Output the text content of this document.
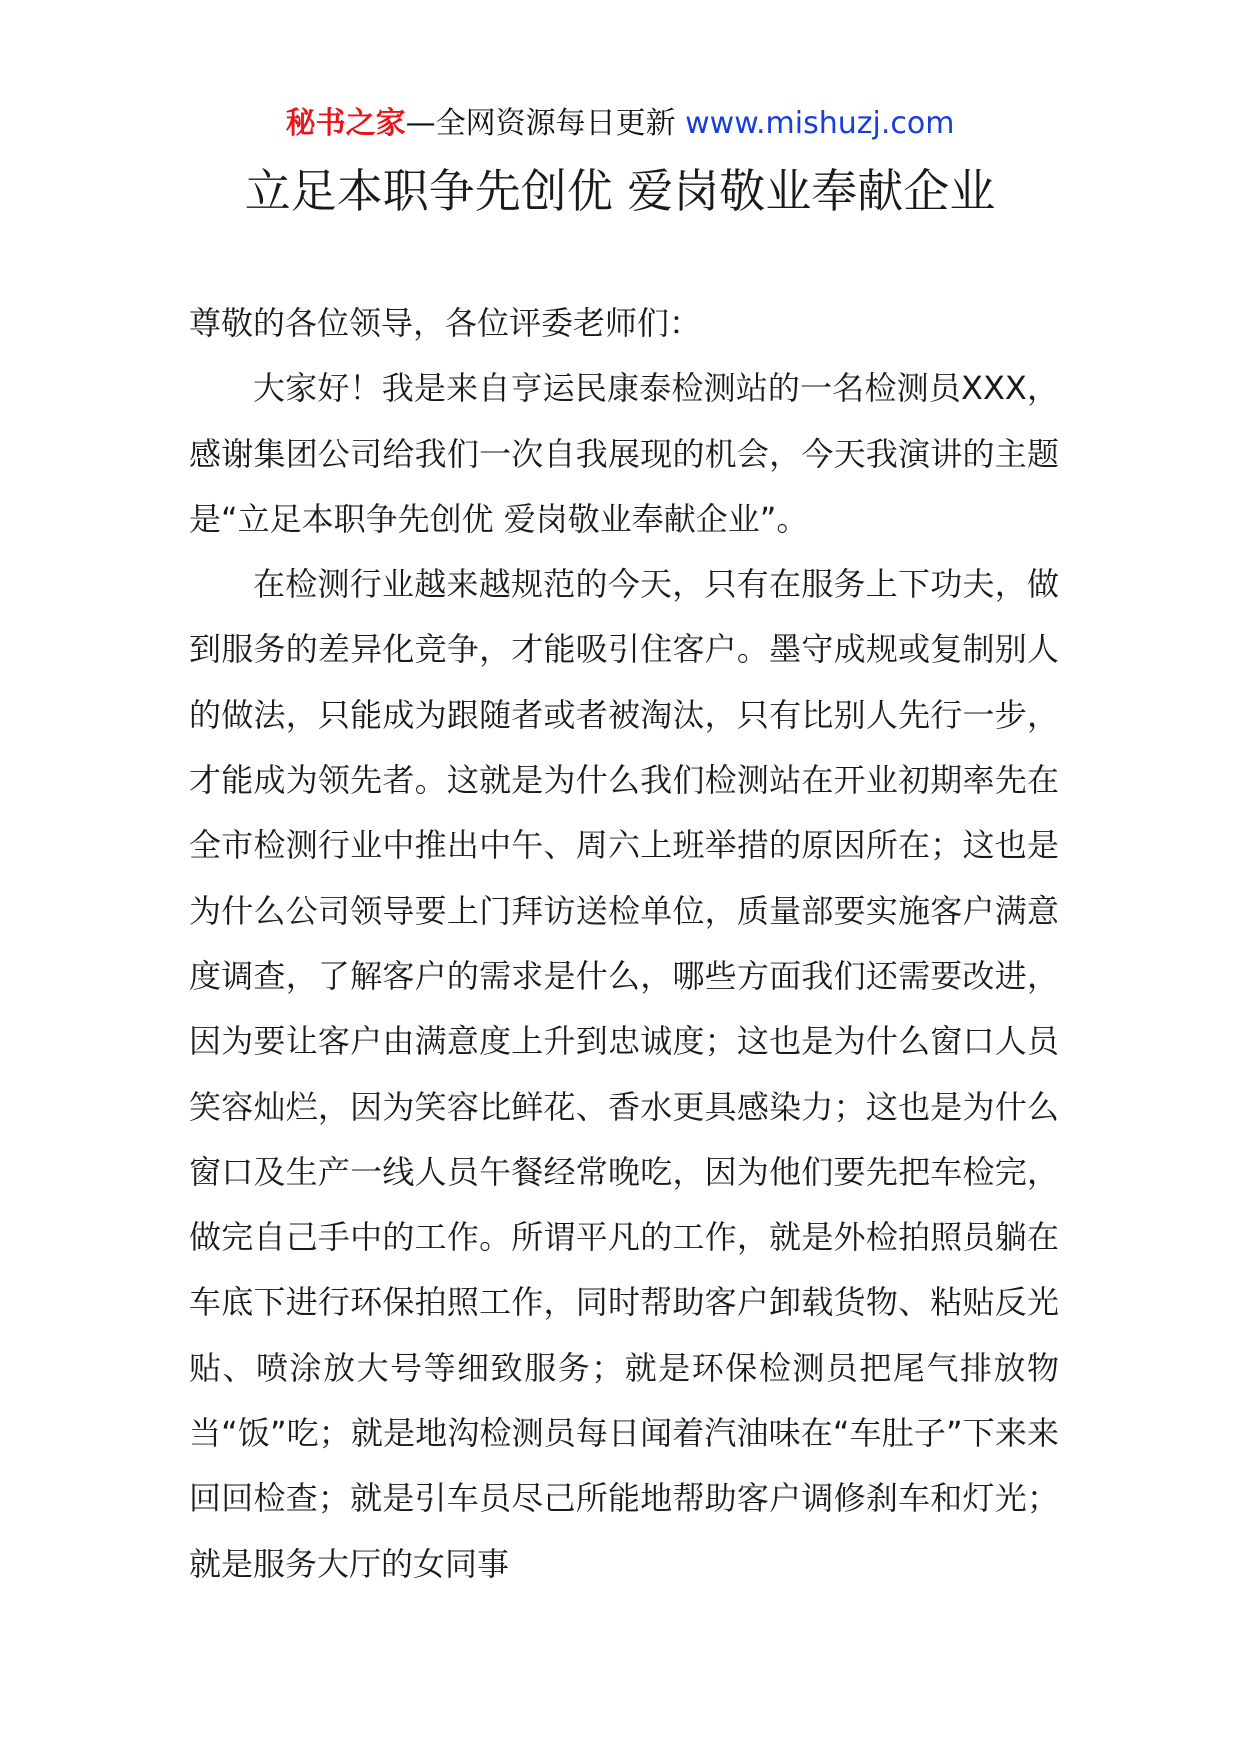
秘书之家—全网资源每日更新 www.mishuzj.com
立足本职争先创优 爱岗敬业奉献企业

尊敬的各位领导，各位评委老师们：

大家好！我是来自亨运民康泰检测站的一名检测员XXX，感谢集团公司给我们一次自我展现的机会，今天我演讲的主题是“立足本职争先创优 爱岗敬业奉献企业”。

在检测行业越来越规范的今天，只有在服务上下功夫，做到服务的差异化竞争，才能吸引住客户。墨守成规或复制别人的做法，只能成为跟随者或者被淘汰，只有比别人先行一步，才能成为领先者。这就是为什么我们检测站在开业初期率先在全市检测行业中推出中午、周六上班举措的原因所在；这也是为什么公司领导要上门拜访送检单位，质量部要实施客户满意度调查，了解客户的需求是什么，哪些方面我们还需要改进，因为要让客户由满意度上升到忠诚度；这也是为什么窗口人员笑容灿烂，因为笑容比鲜花、香水更具感染力；这也是为什么窗口及生产一线人员午餐经常晚吃，因为他们要先把车检完，做完自己手中的工作。所谓平凡的工作，就是外检拍照员躺在车底下进行环保拍照工作，同时帮助客户卸载货物、粘贴反光贴、喷涂放大号等细致服务；就是环保检测员把尾气排放物当“饭”吃；就是地沟检测员每日闻着汽油味在“车肚子”下来来回回检查；就是引车员尽己所能地帮助客户调修刹车和灯光；就是服务大厅的女同事
